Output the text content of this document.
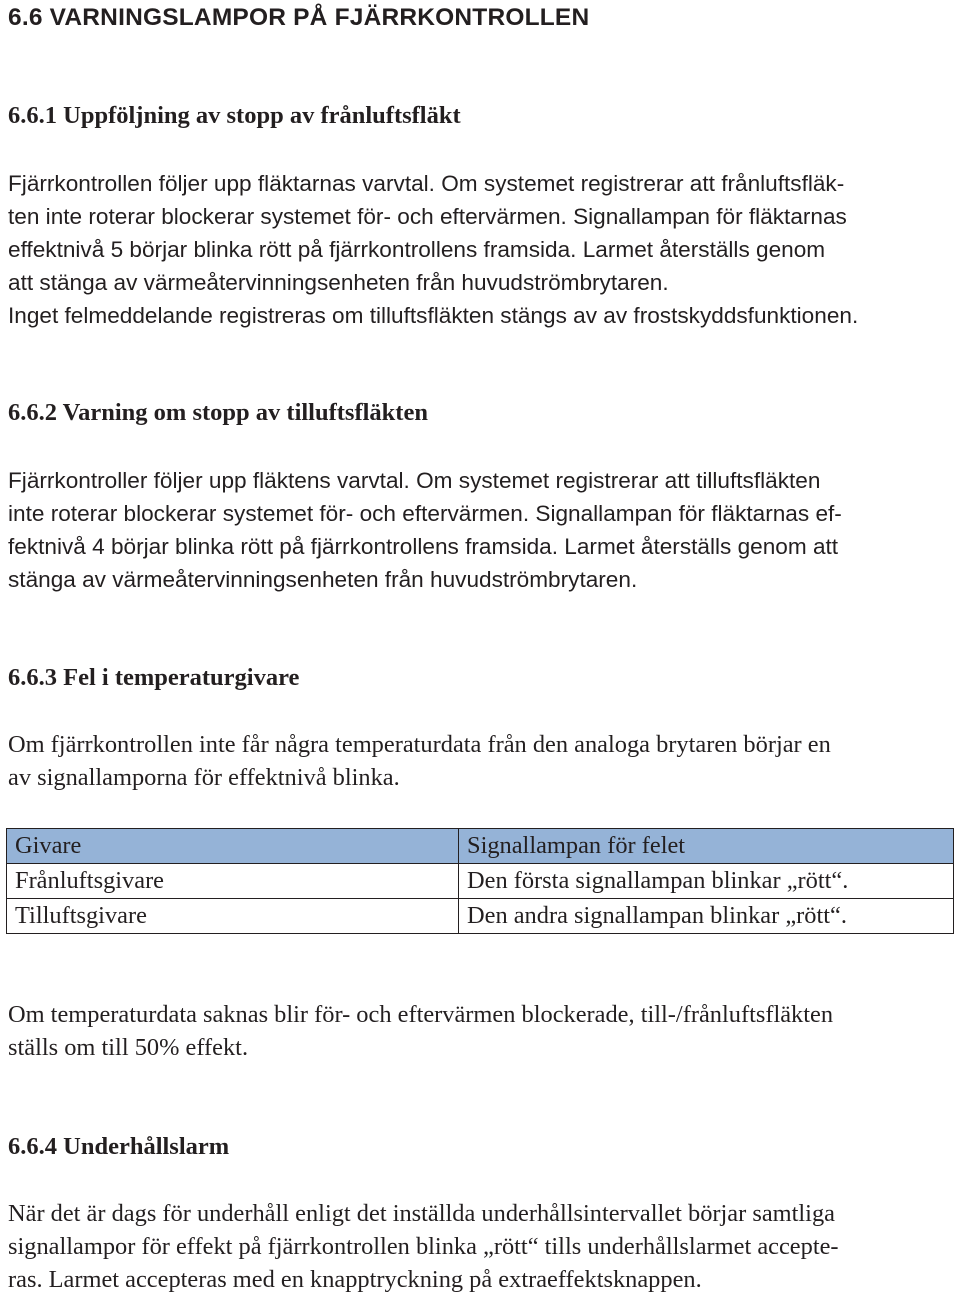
6.6 VARNINGSLAMPOR PÅ FJÄRRKONTROLLEN
6.6.1 Uppföljning av stopp av frånluftsfläkt

Fjärrkontrollen följer upp fläktarnas varvtal. Om systemet registrerar att frånluftsfläk-
ten inte roterar blockerar systemet för- och eftervärmen. Signallampan för fläktarnas
effektnivå 5 börjar blinka rött på fjärrkontrollens framsida. Larmet återställs genom
att stänga av värmeåtervinningsenheten från huvudströmbrytaren.
Inget felmeddelande registreras om tilluftsfläkten stängs av av frostskyddsfunktionen.

6.6.2 Varning om stopp av tilluftsfläkten

Fjärrkontroller följer upp fläktens varvtal. Om systemet registrerar att tilluftsfläkten
inte roterar blockerar systemet för- och eftervärmen. Signallampan för fläktarnas ef-
fektnivå 4 börjar blinka rött på fjärrkontrollens framsida. Larmet återställs genom att
stänga av värmeåtervinningsenheten från huvudströmbrytaren.

6.6.3 Fel i temperaturgivare

Om fjärrkontrollen inte får några temperaturdata från den analoga brytaren börjar en
av signallamporna för effektnivå blinka.

Givare	Signallampan för felet
Frånluftsgivare	Den första signallampan blinkar „rött“.
Tilluftsgivare	Den andra signallampan blinkar „rött“.

Om temperaturdata saknas blir för- och eftervärmen blockerade, till-/frånluftsfläkten
ställs om till 50% effekt.

6.6.4 Underhållslarm

När det är dags för underhåll enligt det inställda underhållsintervallet börjar samtliga
signallampor för effekt på fjärrkontrollen blinka „rött“ tills underhållslarmet accepte-
ras. Larmet accepteras med en knapptryckning på extraeffektsknappen.
